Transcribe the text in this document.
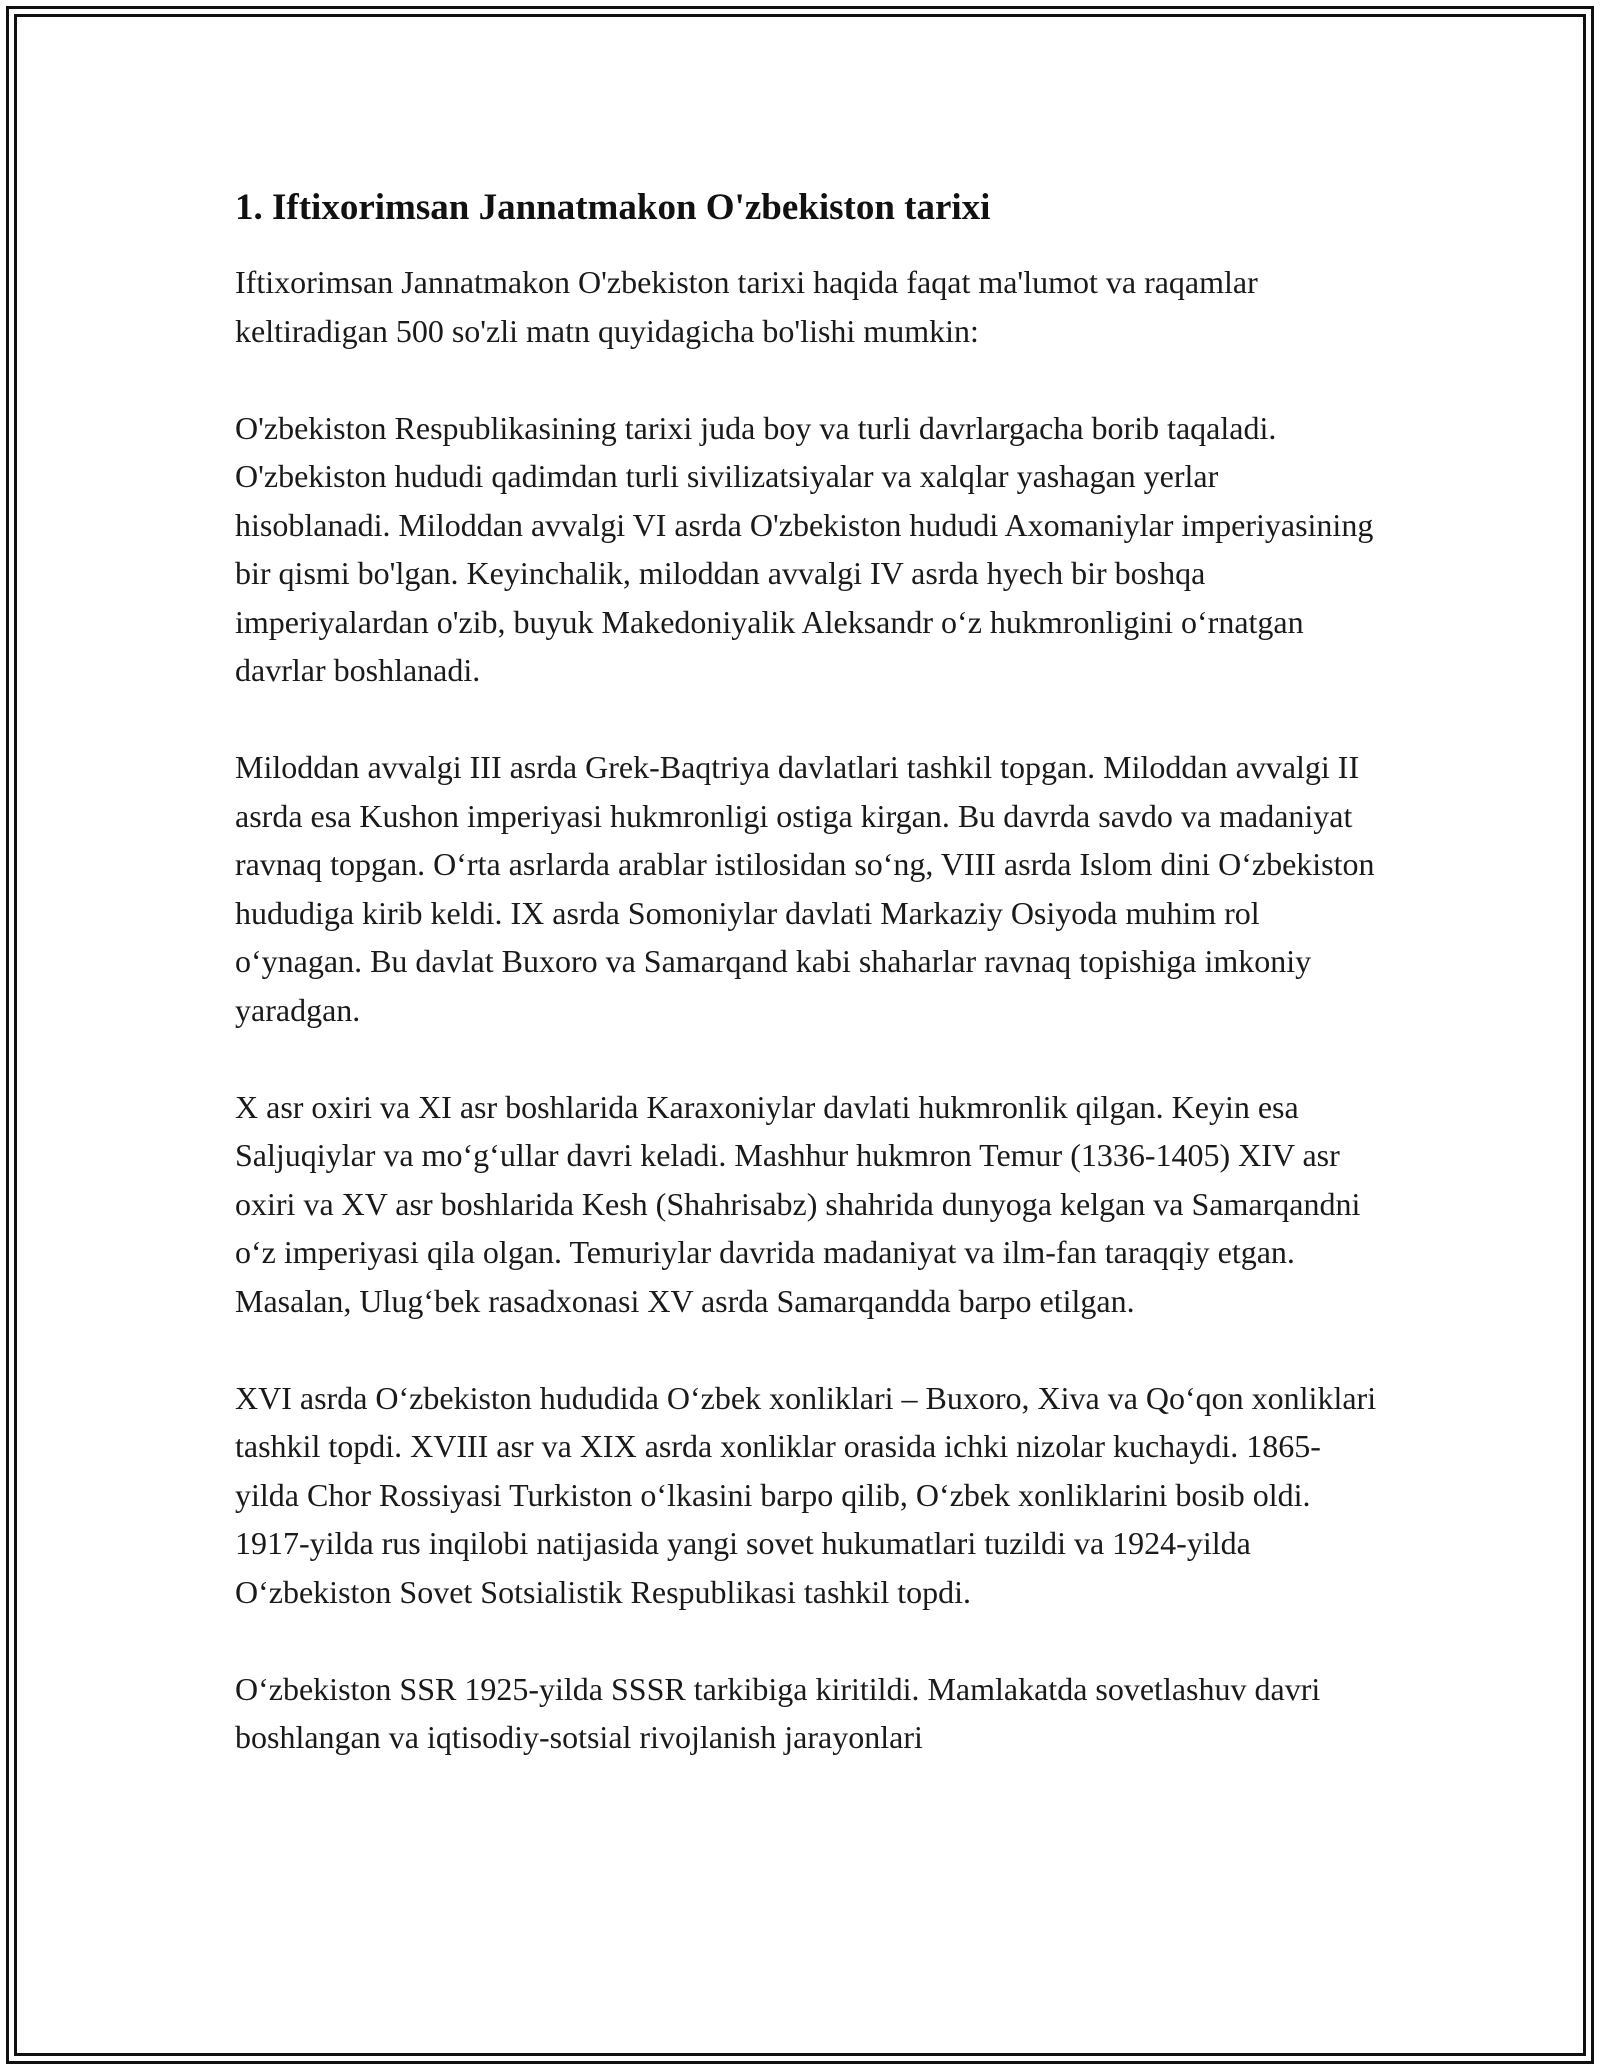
1. Iftixorimsan Jannatmakon O'zbekiston tarixi

Iftixorimsan Jannatmakon O'zbekiston tarixi haqida faqat ma'lumot va raqamlar keltiradigan 500 so'zli matn quyidagicha bo'lishi mumkin:

O'zbekiston Respublikasining tarixi juda boy va turli davrlargacha borib taqaladi. O'zbekiston hududi qadimdan turli sivilizatsiyalar va xalqlar yashagan yerlar hisoblanadi. Miloddan avvalgi VI asrda O'zbekiston hududi Axomaniylar imperiyasining bir qismi bo'lgan. Keyinchalik, miloddan avvalgi IV asrda hyech bir boshqa imperiyalardan o'zib, buyuk Makedoniyalik Aleksandr o‘z hukmronligini o‘rnatgan davrlar boshlanadi.

Miloddan avvalgi III asrda Grek-Baqtriya davlatlari tashkil topgan. Miloddan avvalgi II asrda esa Kushon imperiyasi hukmronligi ostiga kirgan. Bu davrda savdo va madaniyat ravnaq topgan. O‘rta asrlarda arablar istilosidan so‘ng, VIII asrda Islom dini O‘zbekiston hududiga kirib keldi. IX asrda Somoniylar davlati Markaziy Osiyoda muhim rol o‘ynagan. Bu davlat Buxoro va Samarqand kabi shaharlar ravnaq topishiga imkoniy yaradgan.

X asr oxiri va XI asr boshlarida Karaxoniylar davlati hukmronlik qilgan. Keyin esa Saljuqiylar va mo‘g‘ullar davri keladi. Mashhur hukmron Temur (1336-1405) XIV asr oxiri va XV asr boshlarida Kesh (Shahrisabz) shahrida dunyoga kelgan va Samarqandni o‘z imperiyasi qila olgan. Temuriylar davrida madaniyat va ilm-fan taraqqiy etgan. Masalan, Ulug‘bek rasadxonasi XV asrda Samarqandda barpo etilgan.

XVI asrda O‘zbekiston hududida O‘zbek xonliklari – Buxoro, Xiva va Qo‘qon xonliklari tashkil topdi. XVIII asr va XIX asrda xonliklar orasida ichki nizolar kuchaydi. 1865-yilda Chor Rossiyasi Turkiston o‘lkasini barpo qilib, O‘zbek xonliklarini bosib oldi. 1917-yilda rus inqilobi natijasida yangi sovet hukumatlari tuzildi va 1924-yilda O‘zbekiston Sovet Sotsialistik Respublikasi tashkil topdi.

O‘zbekiston SSR 1925-yilda SSSR tarkibiga kiritildi. Mamlakatda sovetlashuv davri boshlangan va iqtisodiy-sotsial rivojlanish jarayonlari
